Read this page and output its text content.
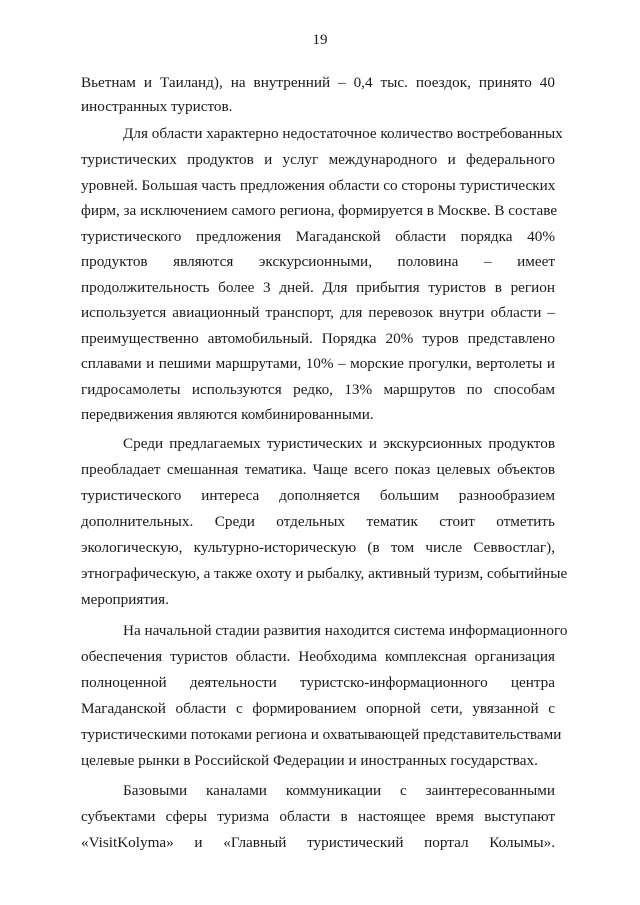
19
Вьетнам и Таиланд), на внутренний – 0,4 тыс. поездок, принято 40
иностранных туристов.
Для области характерно недостаточное количество востребованных
туристических продуктов и услуг международного и федерального
уровней. Большая часть предложения области со стороны туристических
фирм, за исключением самого региона, формируется в Москве. В составе
туристического предложения Магаданской области порядка 40%
продуктов являются экскурсионными, половина – имеет
продолжительность более 3 дней. Для прибытия туристов в регион
используется авиационный транспорт, для перевозок внутри области –
преимущественно автомобильный. Порядка 20% туров представлено
сплавами и пешими маршрутами, 10% – морские прогулки, вертолеты и
гидросамолеты используются редко, 13% маршрутов по способам
передвижения являются комбинированными.
Среди предлагаемых туристических и экскурсионных продуктов
преобладает смешанная тематика. Чаще всего показ целевых объектов
туристического интереса дополняется большим разнообразием
дополнительных. Среди отдельных тематик стоит отметить
экологическую, культурно-историческую (в том числе Севвостлаг),
этнографическую, а также охоту и рыбалку, активный туризм, событийные
мероприятия.
На начальной стадии развития находится система информационного
обеспечения туристов области. Необходима комплексная организация
полноценной деятельности туристско-информационного центра
Магаданской области с формированием опорной сети, увязанной с
туристическими потоками региона и охватывающей представительствами
целевые рынки в Российской Федерации и иностранных государствах.
Базовыми каналами коммуникации с заинтересованными
субъектами сферы туризма области в настоящее время выступают
«VisitKolyma» и «Главный туристический портал Колымы».
